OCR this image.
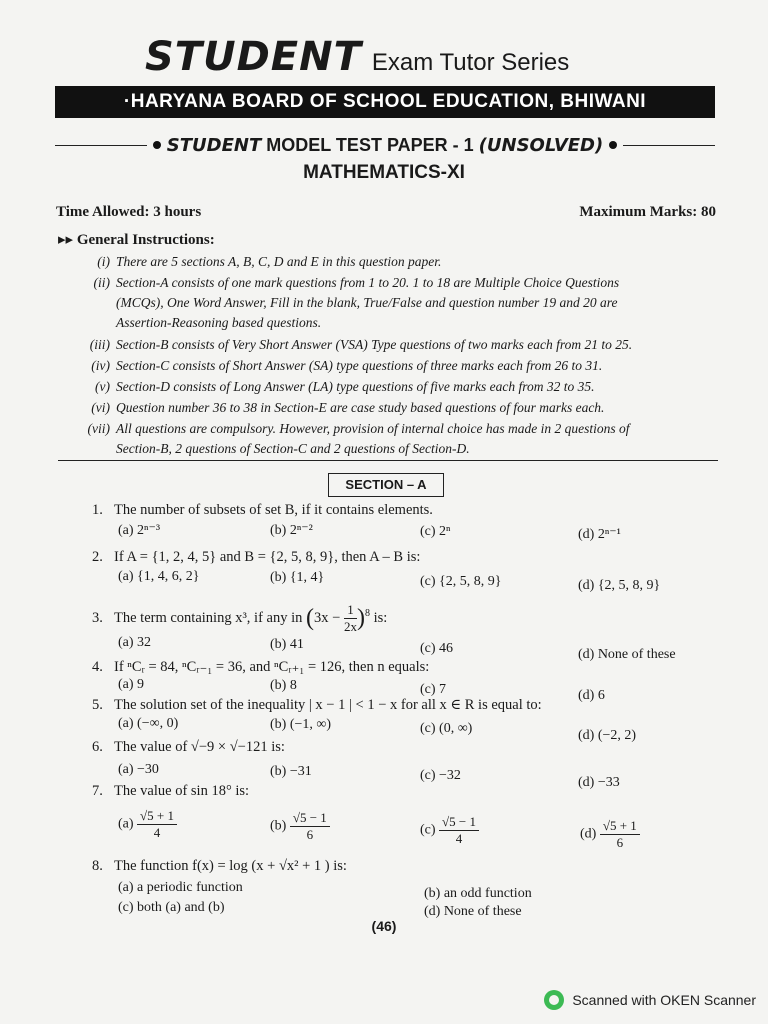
STUDENT Exam Tutor Series
·HARYANA BOARD OF SCHOOL EDUCATION, BHIWANI
STUDENT MODEL TEST PAPER - 1 (UNSOLVED)
MATHEMATICS-XI
Time Allowed: 3 hours	Maximum Marks: 80
▸▸ General Instructions:
(i) There are 5 sections A, B, C, D and E in this question paper.
(ii) Section-A consists of one mark questions from 1 to 20. 1 to 18 are Multiple Choice Questions
(MCQs), One Word Answer, Fill in the blank, True/False and question number 19 and 20 are
Assertion-Reasoning based questions.
(iii) Section-B consists of Very Short Answer (VSA) Type questions of two marks each from 21 to 25.
(iv) Section-C consists of Short Answer (SA) type questions of three marks each from 26 to 31.
(v) Section-D consists of Long Answer (LA) type questions of five marks each from 32 to 35.
(vi) Question number 36 to 38 in Section-E are case study based questions of four marks each.
(vii) All questions are compulsory. However, provision of internal choice has made in 2 questions of
Section-B, 2 questions of Section-C and 2 questions of Section-D.
SECTION – A
1. The number of subsets of set B, if it contains elements.
(a) 2ⁿ⁻³	(b) 2ⁿ⁻²	(c) 2ⁿ	(d) 2ⁿ⁻¹
2. If A = {1, 2, 4, 5} and B = {2, 5, 8, 9}, then A – B is:
(a) {1, 4, 6, 2}	(b) {1, 4}	(c) {2, 5, 8, 9}	(d) {2, 5, 8, 9}
3. The term containing x³, if any in $(3x - \frac{1}{2x} )^8$ is:
(a) 32	(b) 41	(c) 46	(d) None of these
4. If ⁿCᵣ = 84, ⁿCᵣ₋₁ = 36, and ⁿCᵣ₊₁ = 126, then n equals:
(a) 9	(b) 8	(c) 7	(d) 6
5. The solution set of the inequality | x − 1 | < 1 − x for all x ∈ R is equal to:
(a) (−∞, 0)	(b) (−1, ∞)	(c) (0, ∞)	(d) (−2, 2)
6. The value of √−9 × √−121 is:
(a) −30	(b) −31	(c) −32	(d) −33
7. The value of sin 18° is:
$(a) \frac{√5 + 1}{4}$	$(b) \frac{√5 - 1}{6}$	$(c) \frac{√5 - 1}{4}$	$(d) \frac{√5 + 1}{6}$
8. The function f(x) = log (x + √x² + 1 ) is:
(a) a periodic function	(b) an odd function
(c) both (a) and (b)	(d) None of these
(46)
Scanned with OKEN Scanner
